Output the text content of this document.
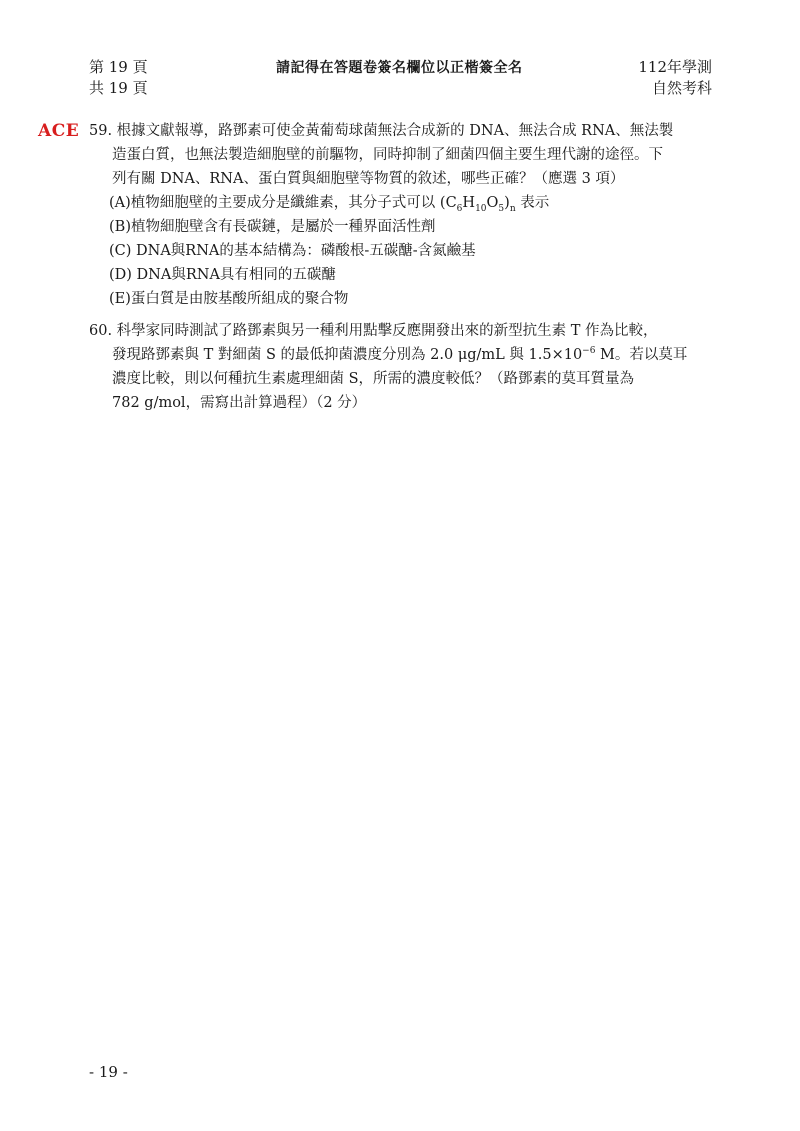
第 19 頁
共 19 頁
請記得在答題卷簽名欄位以正楷簽全名	112年學測
自然考科
ACE 59. 根據文獻報導，路鄧素可使金黃葡萄球菌無法合成新的 DNA、無法合成 RNA、無法製
造蛋白質，也無法製造細胞壁的前驅物，同時抑制了細菌四個主要生理代謝的途徑。下
列有關 DNA、RNA、蛋白質與細胞壁等物質的敘述，哪些正確？（應選 3 項）
(A)植物細胞壁的主要成分是纖維素，其分子式可以 $(C_6H_{10}O_5)_n$ 表示
(B)植物細胞壁含有長碳鏈，是屬於一種界面活性劑
(C) DNA與RNA的基本結構為：磷酸根-五碳醣-含氮鹼基
(D) DNA與RNA具有相同的五碳醣
(E)蛋白質是由胺基酸所組成的聚合物
60. 科學家同時測試了路鄧素與另一種利用點擊反應開發出來的新型抗生素 T 作為比較，
發現路鄧素與 T 對細菌 S 的最低抑菌濃度分別為 2.0 μg/mL 與 $1.5\times 10^{-6}$ M。若以莫耳
濃度比較，則以何種抗生素處理細菌 S，所需的濃度較低？（路鄧素的莫耳質量為
782 g/mol，需寫出計算過程）（2 分）
- 19 -
